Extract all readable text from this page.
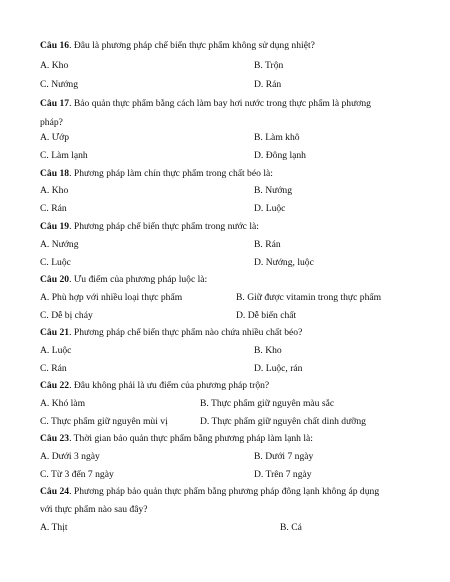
Câu 16. Đâu là phương pháp chế biến thực phẩm không sử dụng nhiệt?
A. Kho	B. Trộn
C. Nướng	D. Rán
Câu 17. Bảo quản thực phẩm bằng cách làm bay hơi nước trong thực phẩm là phương
pháp?
A. Ướp	B. Làm khô
C. Làm lạnh	D. Đông lạnh
Câu 18. Phương pháp làm chín thực phẩm trong chất béo là:
A. Kho	B. Nướng
C. Rán	D. Luộc
Câu 19. Phương pháp chế biến thực phẩm trong nước là:
A. Nướng	B. Rán
C. Luộc	D. Nướng, luộc
Câu 20. Ưu điểm của phương pháp luộc là:
A. Phù hợp với nhiều loại thực phẩm	B. Giữ được vitamin trong thực phẩm
C. Dễ bị cháy	D. Dễ biến chất
Câu 21. Phương pháp chế biến thực phẩm nào chứa nhiều chất béo?
A. Luộc	B. Kho
C. Rán	D. Luộc, rán
Câu 22. Đâu không phải là ưu điểm của phương pháp trộn?
A. Khó làm	B. Thực phẩm giữ nguyên màu sắc
C. Thực phẩm giữ nguyên mùi vị	D. Thực phẩm giữ nguyên chất dinh dưỡng
Câu 23. Thời gian bảo quản thực phẩm bằng phương pháp làm lạnh là:
A. Dưới 3 ngày	B. Dưới 7 ngày
C. Từ 3 đến 7 ngày	D. Trên 7 ngày
Câu 24. Phương pháp bảo quản thực phẩm bằng phương pháp đông lạnh không áp dụng
với thực phẩm nào sau đây?
A. Thịt	B. Cá
